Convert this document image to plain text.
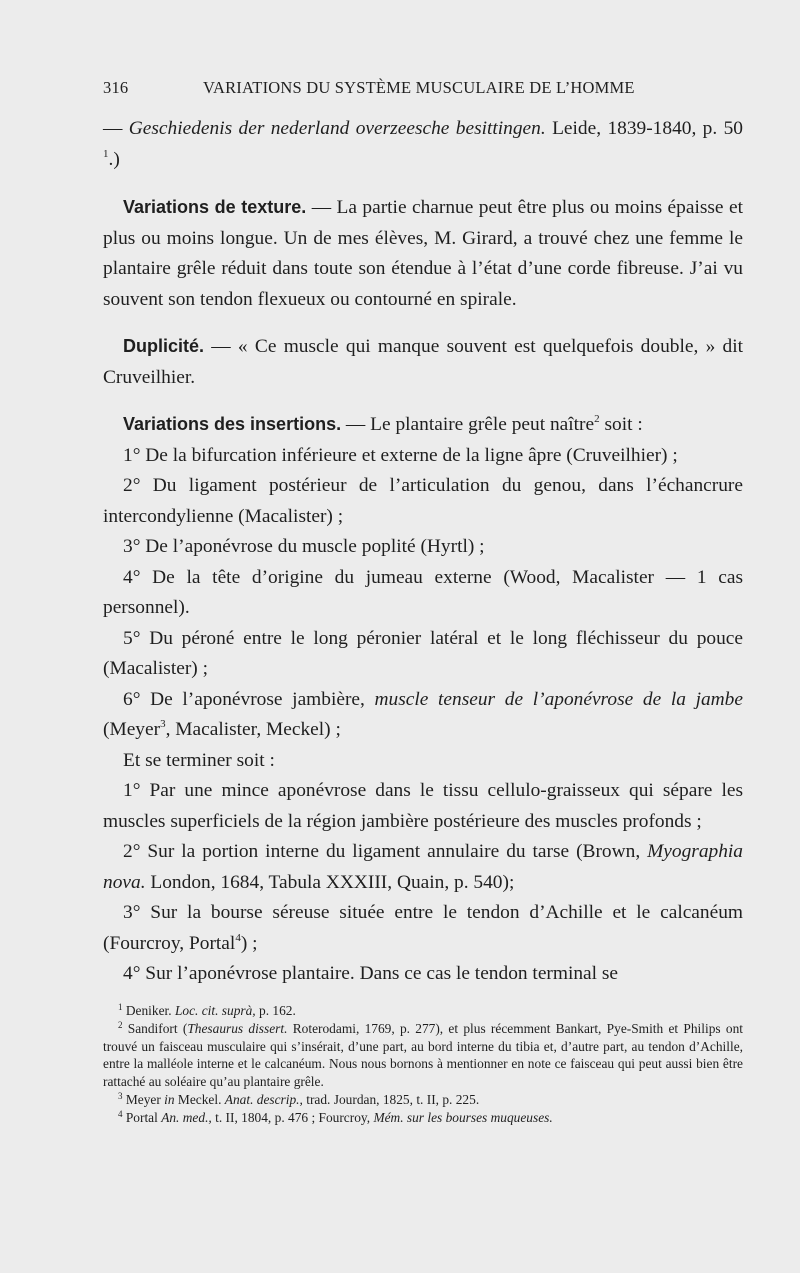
316	VARIATIONS DU SYSTÈME MUSCULAIRE DE L’HOMME

— Geschiedenis der nederland overzeesche besittingen. Leide, 1839-1840, p. 50 $^1$.)

Variations de texture. — La partie charnue peut être plus ou moins épaisse et plus ou moins longue. Un de mes élèves, M. Girard, a trouvé chez une femme le plantaire grêle réduit dans toute son étendue à l’état d’une corde fibreuse. J’ai vu souvent son tendon flexueux ou contourné en spirale.

Duplicité. — « Ce muscle qui manque souvent est quelquefois double, » dit Cruveilhier.

Variations des insertions. — Le plantaire grêle peut naître$^2$ soit :

1° De la bifurcation inférieure et externe de la ligne âpre (Cruveilhier) ;

2° Du ligament postérieur de l’articulation du genou, dans l’échancrure intercondylienne (Macalister) ;

3° De l’aponévrose du muscle poplité (Hyrtl) ;

4° De la tête d’origine du jumeau externe (Wood, Macalister — 1 cas personnel).

5° Du péroné entre le long péronier latéral et le long fléchisseur du pouce (Macalister) ;

6° De l’aponévrose jambière, muscle tenseur de l’aponévrose de la jambe (Meyer$^3$, Macalister, Meckel) ;

Et se terminer soit :

1° Par une mince aponévrose dans le tissu cellulo-graisseux qui sépare les muscles superficiels de la région jambière postérieure des muscles profonds ;

2° Sur la portion interne du ligament annulaire du tarse (Brown, Myographia nova. London, 1684, Tabula XXXIII, Quain, p. 540);

3° Sur la bourse séreuse située entre le tendon d’Achille et le calcanéum (Fourcroy, Portal$^4$) ;

4° Sur l’aponévrose plantaire. Dans ce cas le tendon terminal se

$^1$ Deniker. Loc. cit. suprà, p. 162.

$^2$ Sandifort (Thesaurus dissert. Roterodami, 1769, p. 277), et plus récemment Bankart, Pye-Smith et Philips ont trouvé un faisceau musculaire qui s’insérait, d’une part, au bord interne du tibia et, d’autre part, au tendon d’Achille, entre la malléole interne et le calcanéum. Nous nous bornons à mentionner en note ce faisceau qui peut aussi bien être rattaché au soléaire qu’au plantaire grêle.

$^3$ Meyer in Meckel. Anat. descrip., trad. Jourdan, 1825, t. II, p. 225.

$^4$ Portal An. med., t. II, 1804, p. 476 ; Fourcroy, Mém. sur les bourses muqueuses.
